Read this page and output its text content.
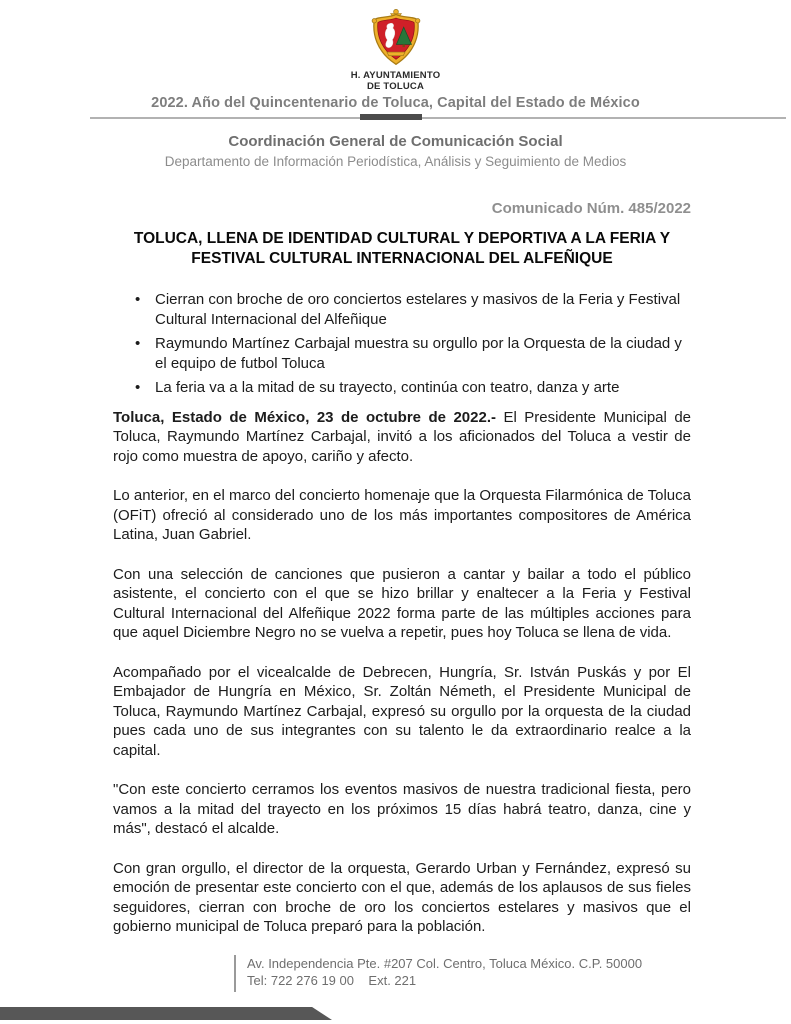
H. AYUNTAMIENTO
DE TOLUCA
2022. Año del Quincentenario de Toluca, Capital del Estado de México
Coordinación General de Comunicación Social
Departamento de Información Periodística, Análisis y Seguimiento de Medios
Comunicado Núm. 485/2022
TOLUCA, LLENA DE IDENTIDAD CULTURAL Y DEPORTIVA A LA FERIA Y FESTIVAL CULTURAL INTERNACIONAL DEL ALFEÑIQUE
• Cierran con broche de oro conciertos estelares y masivos de la Feria y Festival Cultural Internacional del Alfeñique
• Raymundo Martínez Carbajal muestra su orgullo por la Orquesta de la ciudad y el equipo de futbol Toluca
• La feria va a la mitad de su trayecto, continúa con teatro, danza y arte

Toluca, Estado de México, 23 de octubre de 2022.- El Presidente Municipal de Toluca, Raymundo Martínez Carbajal, invitó a los aficionados del Toluca a vestir de rojo como muestra de apoyo, cariño y afecto.

Lo anterior, en el marco del concierto homenaje que la Orquesta Filarmónica de Toluca (OFiT) ofreció al considerado uno de los más importantes compositores de América Latina, Juan Gabriel.

Con una selección de canciones que pusieron a cantar y bailar a todo el público asistente, el concierto con el que se hizo brillar y enaltecer a la Feria y Festival Cultural Internacional del Alfeñique 2022 forma parte de las múltiples acciones para que aquel Diciembre Negro no se vuelva a repetir, pues hoy Toluca se llena de vida.

Acompañado por el vicealcalde de Debrecen, Hungría, Sr. István Puskás y por El Embajador de Hungría en México, Sr. Zoltán Németh, el Presidente Municipal de Toluca, Raymundo Martínez Carbajal, expresó su orgullo por la orquesta de la ciudad pues cada uno de sus integrantes con su talento le da extraordinario realce a la capital.

"Con este concierto cerramos los eventos masivos de nuestra tradicional fiesta, pero vamos a la mitad del trayecto en los próximos 15 días habrá teatro, danza, cine y más", destacó el alcalde.

Con gran orgullo, el director de la orquesta, Gerardo Urban y Fernández, expresó su emoción de presentar este concierto con el que, además de los aplausos de sus fieles seguidores, cierran con broche de oro los conciertos estelares y masivos que el gobierno municipal de Toluca preparó para la población.

Av. Independencia Pte. #207 Col. Centro, Toluca México. C.P. 50000
Tel: 722 276 19 00    Ext. 221
